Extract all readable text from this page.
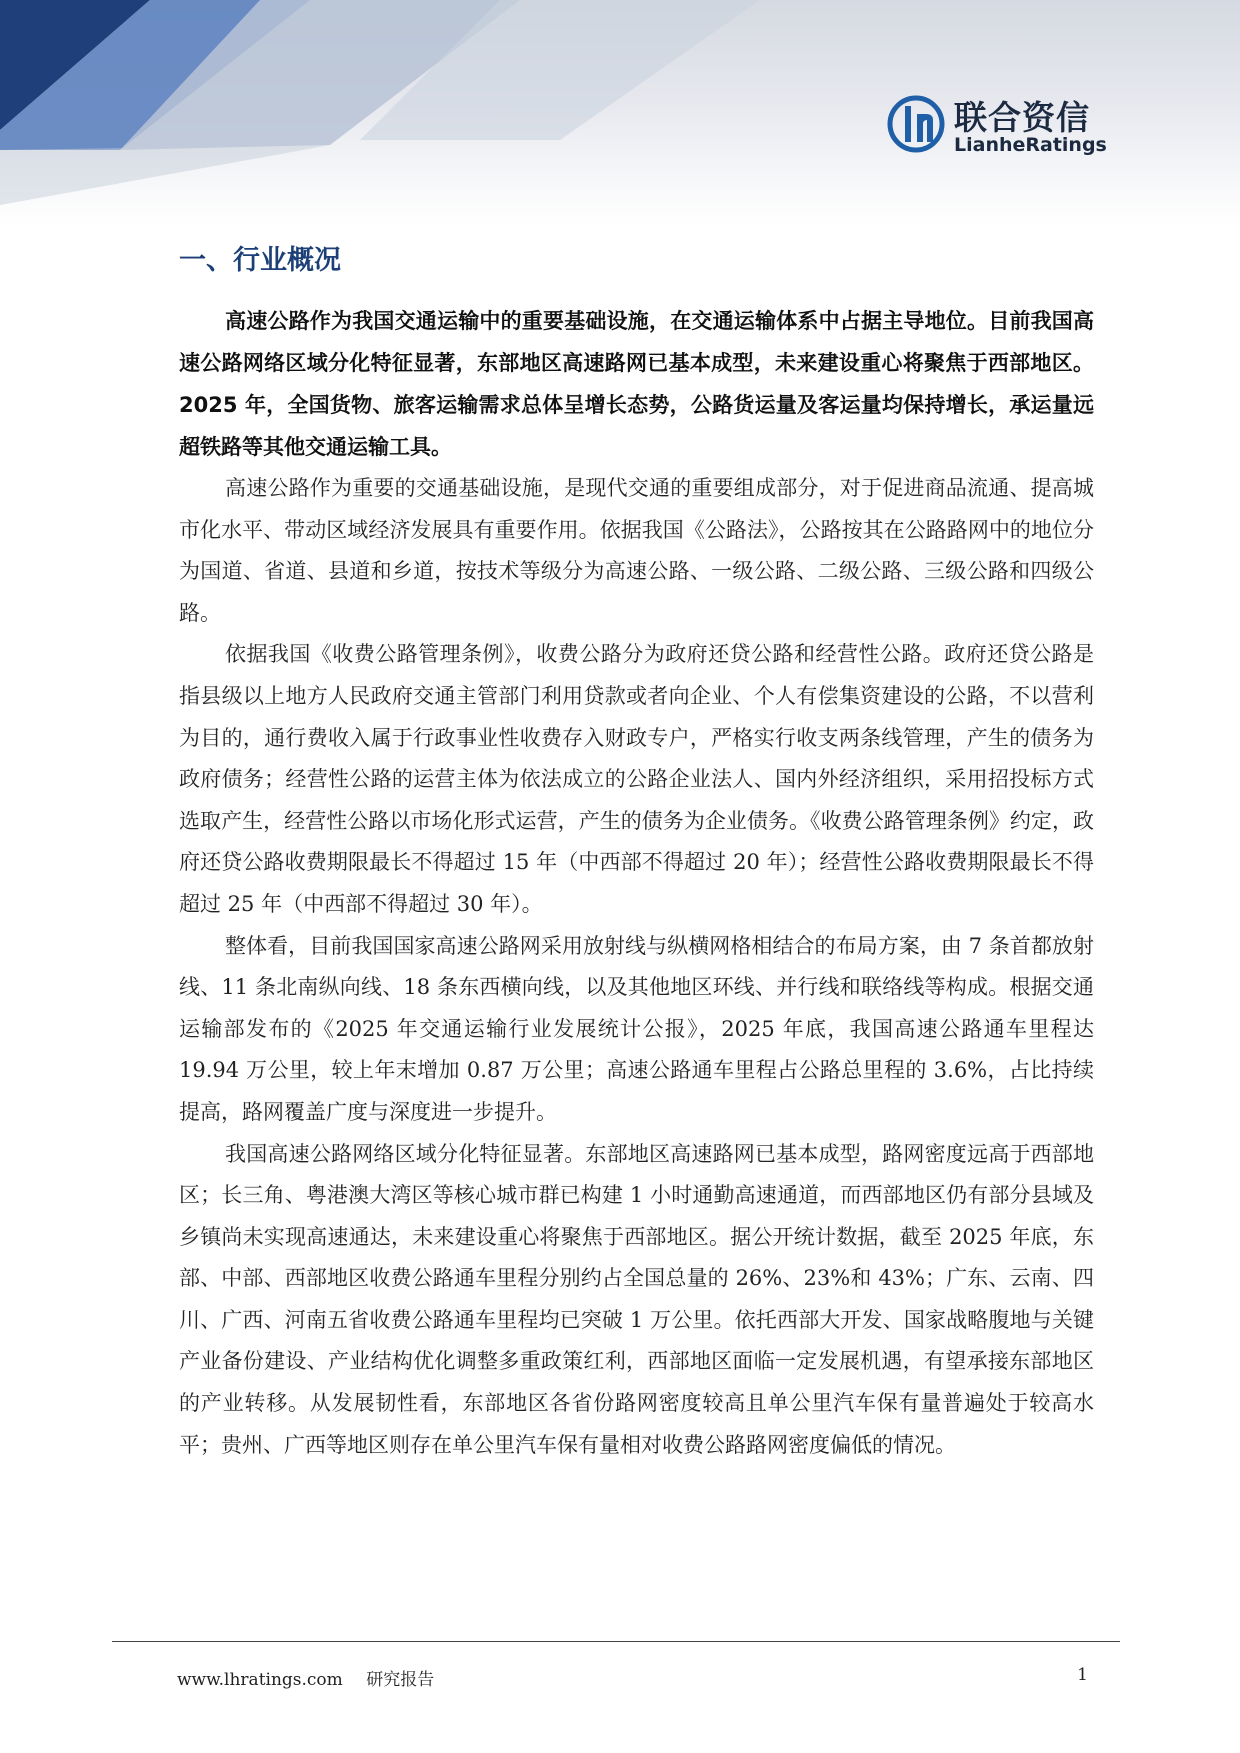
联合资信
LianheRatings
一、行业概况

高速公路作为我国交通运输中的重要基础设施，在交通运输体系中占据主导地位。目前我国高速公路网络区域分化特征显著，东部地区高速路网已基本成型，未来建设重心将聚焦于西部地区。2025 年，全国货物、旅客运输需求总体呈增长态势，公路货运量及客运量均保持增长，承运量远超铁路等其他交通运输工具。

高速公路作为重要的交通基础设施，是现代交通的重要组成部分，对于促进商品流通、提高城市化水平、带动区域经济发展具有重要作用。依据我国《公路法》，公路按其在公路路网中的地位分为国道、省道、县道和乡道，按技术等级分为高速公路、一级公路、二级公路、三级公路和四级公路。

依据我国《收费公路管理条例》，收费公路分为政府还贷公路和经营性公路。政府还贷公路是指县级以上地方人民政府交通主管部门利用贷款或者向企业、个人有偿集资建设的公路，不以营利为目的，通行费收入属于行政事业性收费存入财政专户，严格实行收支两条线管理，产生的债务为政府债务；经营性公路的运营主体为依法成立的公路企业法人、国内外经济组织，采用招投标方式选取产生，经营性公路以市场化形式运营，产生的债务为企业债务。《收费公路管理条例》约定，政府还贷公路收费期限最长不得超过 15 年（中西部不得超过 20 年）；经营性公路收费期限最长不得超过 25 年（中西部不得超过 30 年）。

整体看，目前我国国家高速公路网采用放射线与纵横网格相结合的布局方案，由 7 条首都放射线、11 条北南纵向线、18 条东西横向线，以及其他地区环线、并行线和联络线等构成。根据交通运输部发布的《2025 年交通运输行业发展统计公报》，2025 年底，我国高速公路通车里程达 19.94 万公里，较上年末增加 0.87 万公里；高速公路通车里程占公路总里程的 3.6%，占比持续提高，路网覆盖广度与深度进一步提升。

我国高速公路网络区域分化特征显著。东部地区高速路网已基本成型，路网密度远高于西部地区；长三角、粤港澳大湾区等核心城市群已构建 1 小时通勤高速通道，而西部地区仍有部分县域及乡镇尚未实现高速通达，未来建设重心将聚焦于西部地区。据公开统计数据，截至 2025 年底，东部、中部、西部地区收费公路通车里程分别约占全国总量的 26%、23%和 43%；广东、云南、四川、广西、河南五省收费公路通车里程均已突破 1 万公里。依托西部大开发、国家战略腹地与关键产业备份建设、产业结构优化调整多重政策红利，西部地区面临一定发展机遇，有望承接东部地区的产业转移。从发展韧性看，东部地区各省份路网密度较高且单公里汽车保有量普遍处于较高水平；贵州、广西等地区则存在单公里汽车保有量相对收费公路路网密度偏低的情况。

www.lhratings.com 研究报告	1
